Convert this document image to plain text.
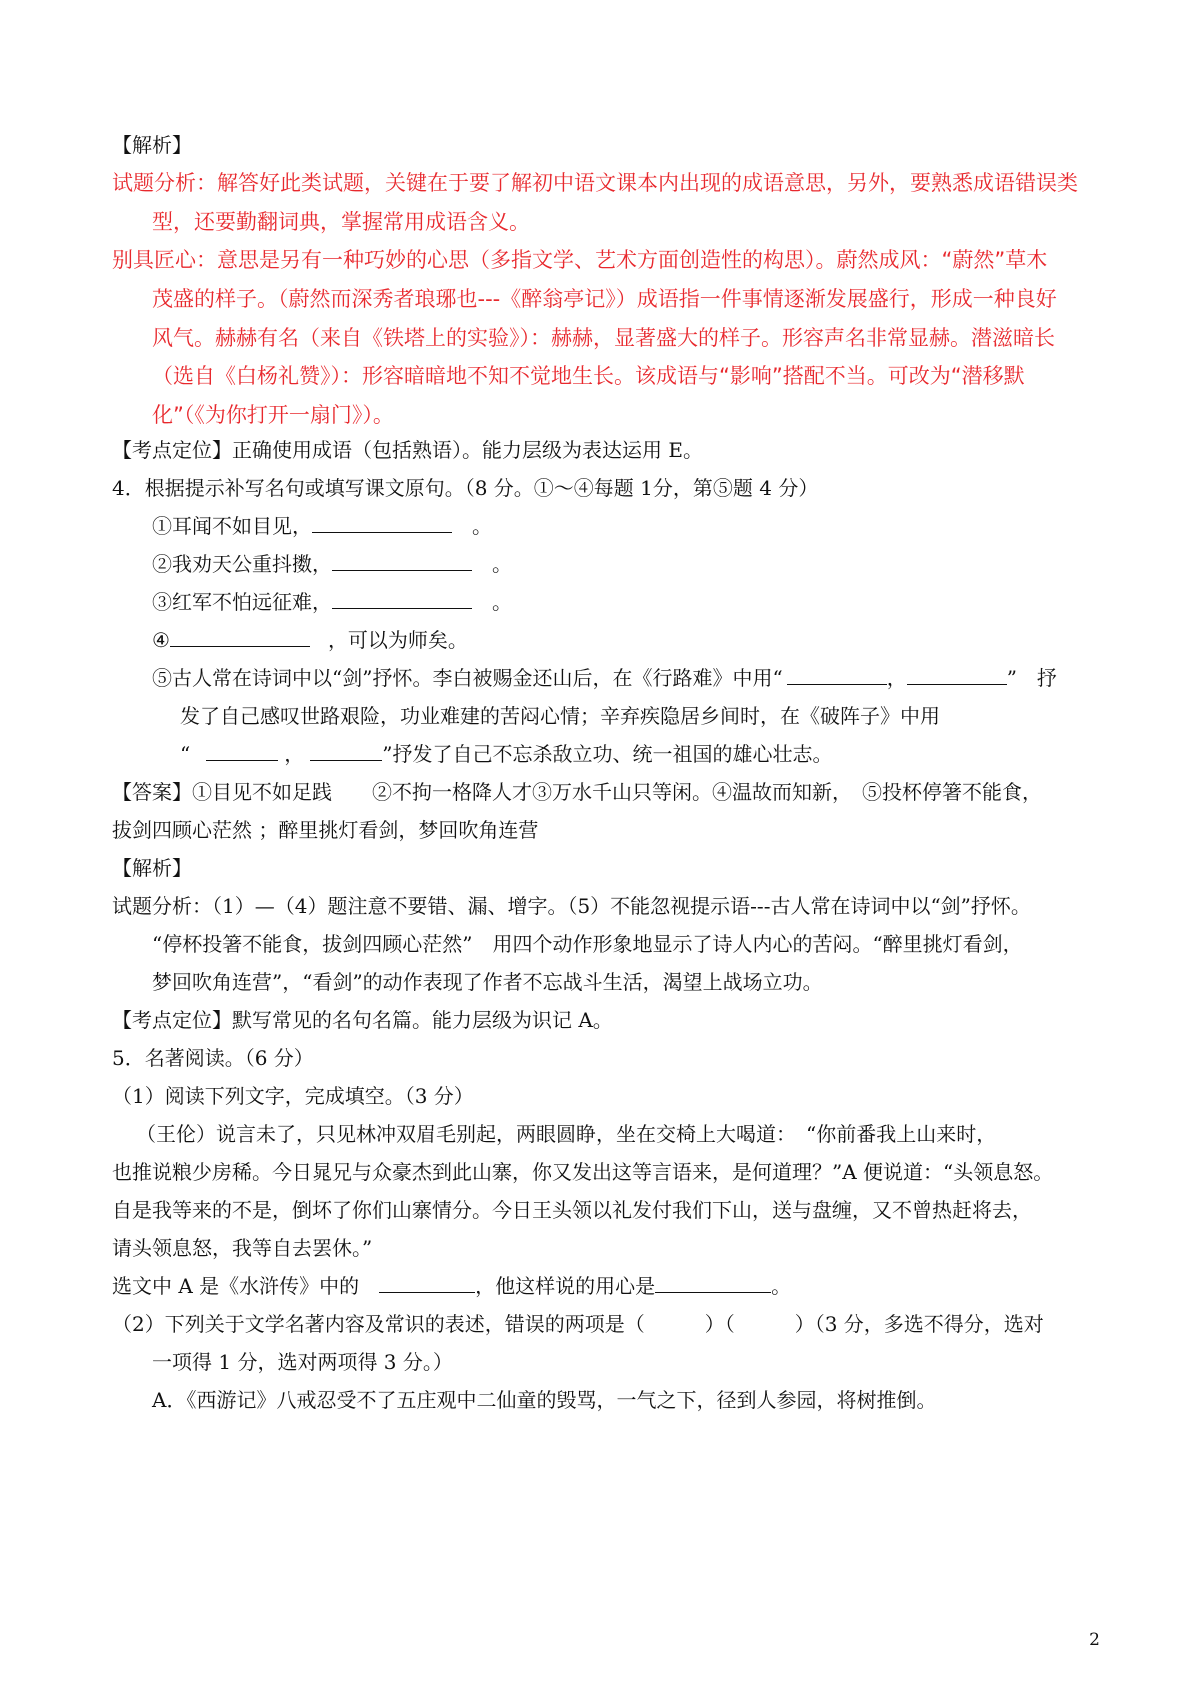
【解析】
试题分析：解答好此类试题，关键在于要了解初中语文课本内出现的成语意思，另外，要熟悉成语错误类
型，还要勤翻词典，掌握常用成语含义。
别具匠心：意思是另有一种巧妙的心思（多指文学、艺术方面创造性的构思）。蔚然成风：“蔚然”草木
茂盛的样子。（蔚然而深秀者琅琊也---《醉翁亭记》）成语指一件事情逐渐发展盛行，形成一种良好
风气。赫赫有名（来自《铁塔上的实验》）：赫赫，显著盛大的样子。形容声名非常显赫。潜滋暗长
（选自《白杨礼赞》）：形容暗暗地不知不觉地生长。该成语与“影响”搭配不当。可改为“潜移默
化”（《为你打开一扇门》）。
【考点定位】正确使用成语（包括熟语）。能力层级为表达运用 E。
4．根据提示补写名句或填写课文原句。（8 分。①～④每题 1分，第⑤题 4 分）
①耳闻不如目见，	。
②我劝天公重抖擞，	。
③红军不怕远征难，	。
④	，可以为师矣。
⑤古人常在诗词中以“剑”抒怀。李白被赐金还山后，在《行路难》中用“	，	”　抒
发了自己感叹世路艰险，功业难建的苦闷心情；辛弃疾隐居乡间时，在《破阵子》中用
“	，	”抒发了自己不忘杀敌立功、统一祖国的雄心壮志。
【答案】①目见不如足践　　②不拘一格降人才③万水千山只等闲。④温故而知新，　⑤投杯停箸不能食，
拔剑四顾心茫然 ；醉里挑灯看剑，梦回吹角连营
【解析】
试题分析：（1）—（4）题注意不要错、漏、增字。（5）不能忽视提示语---古人常在诗词中以“剑”抒怀。
“停杯投箸不能食，拔剑四顾心茫然”　用四个动作形象地显示了诗人内心的苦闷。“醉里挑灯看剑，
梦回吹角连营”，“看剑”的动作表现了作者不忘战斗生活，渴望上战场立功。
【考点定位】默写常见的名句名篇。能力层级为识记 A。
5．名著阅读。（6 分）
（1）阅读下列文字，完成填空。（3 分）
　（王伦）说言未了，只见林冲双眉毛别起，两眼圆睁，坐在交椅上大喝道：　“你前番我上山来时，
也推说粮少房稀。今日晁兄与众豪杰到此山寨，你又发出这等言语来，是何道理？”A 便说道：“头领息怒。
自是我等来的不是，倒坏了你们山寨情分。今日王头领以礼发付我们下山，送与盘缠，又不曾热赶将去，
请头领息怒，我等自去罢休。”
选文中 A 是《水浒传》中的　	，他这样说的用心是	。
（2）下列关于文学名著内容及常识的表述，错误的两项是（　　　）（　　　）（3 分，多选不得分，选对
一项得 1 分，选对两项得 3 分。）
A．《西游记》八戒忍受不了五庄观中二仙童的毁骂，一气之下，径到人参园，将树推倒。
2
